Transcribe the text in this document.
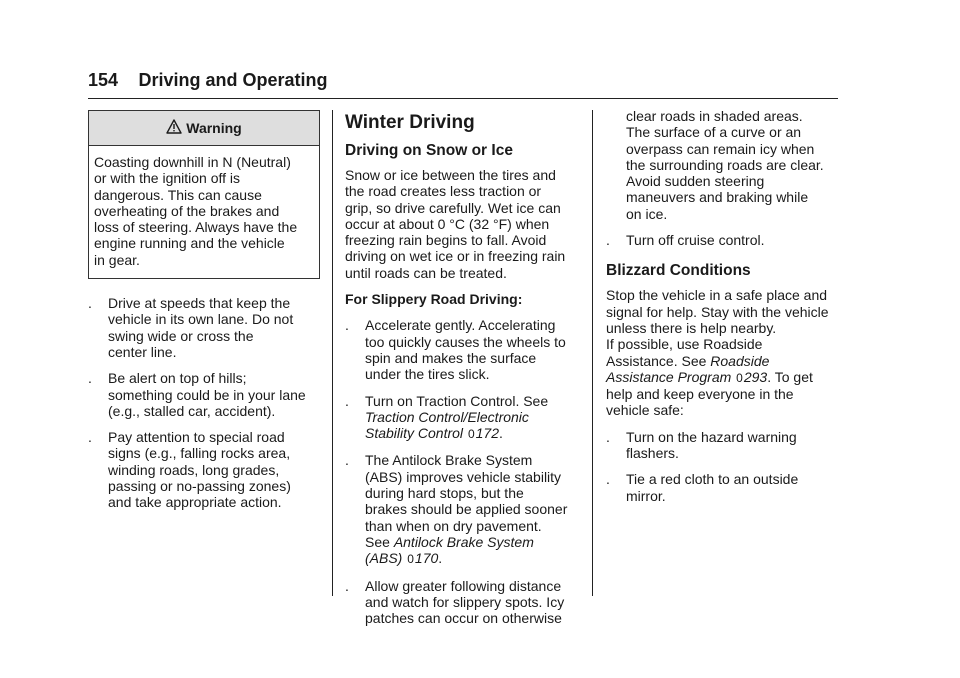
154 Driving and Operating
Warning
Coasting downhill in N (Neutral)
or with the ignition off is
dangerous. This can cause
overheating of the brakes and
loss of steering. Always have the
engine running and the vehicle
in gear.
. Drive at speeds that keep the
vehicle in its own lane. Do not
swing wide or cross the
center line.
. Be alert on top of hills;
something could be in your lane
(e.g., stalled car, accident).
. Pay attention to special road
signs (e.g., falling rocks area,
winding roads, long grades,
passing or no-passing zones)
and take appropriate action.
Winter Driving
Driving on Snow or Ice

Snow or ice between the tires and
the road creates less traction or
grip, so drive carefully. Wet ice can
occur at about 0 °C (32 °F) when
freezing rain begins to fall. Avoid
driving on wet ice or in freezing rain
until roads can be treated.

For Slippery Road Driving:

. Accelerate gently. Accelerating
too quickly causes the wheels to
spin and makes the surface
under the tires slick.
. Turn on Traction Control. See
Traction Control/Electronic
Stability Control 0172.
. The Antilock Brake System
(ABS) improves vehicle stability
during hard stops, but the
brakes should be applied sooner
than when on dry pavement.
See Antilock Brake System
(ABS) 0170.
. Allow greater following distance
and watch for slippery spots. Icy
patches can occur on otherwise
clear roads in shaded areas.
The surface of a curve or an
overpass can remain icy when
the surrounding roads are clear.
Avoid sudden steering
maneuvers and braking while
on ice.
. Turn off cruise control.
Blizzard Conditions

Stop the vehicle in a safe place and
signal for help. Stay with the vehicle
unless there is help nearby.

If possible, use Roadside
Assistance. See Roadside
Assistance Program 0293. To get
help and keep everyone in the
vehicle safe:

. Turn on the hazard warning
flashers.
. Tie a red cloth to an outside
mirror.
